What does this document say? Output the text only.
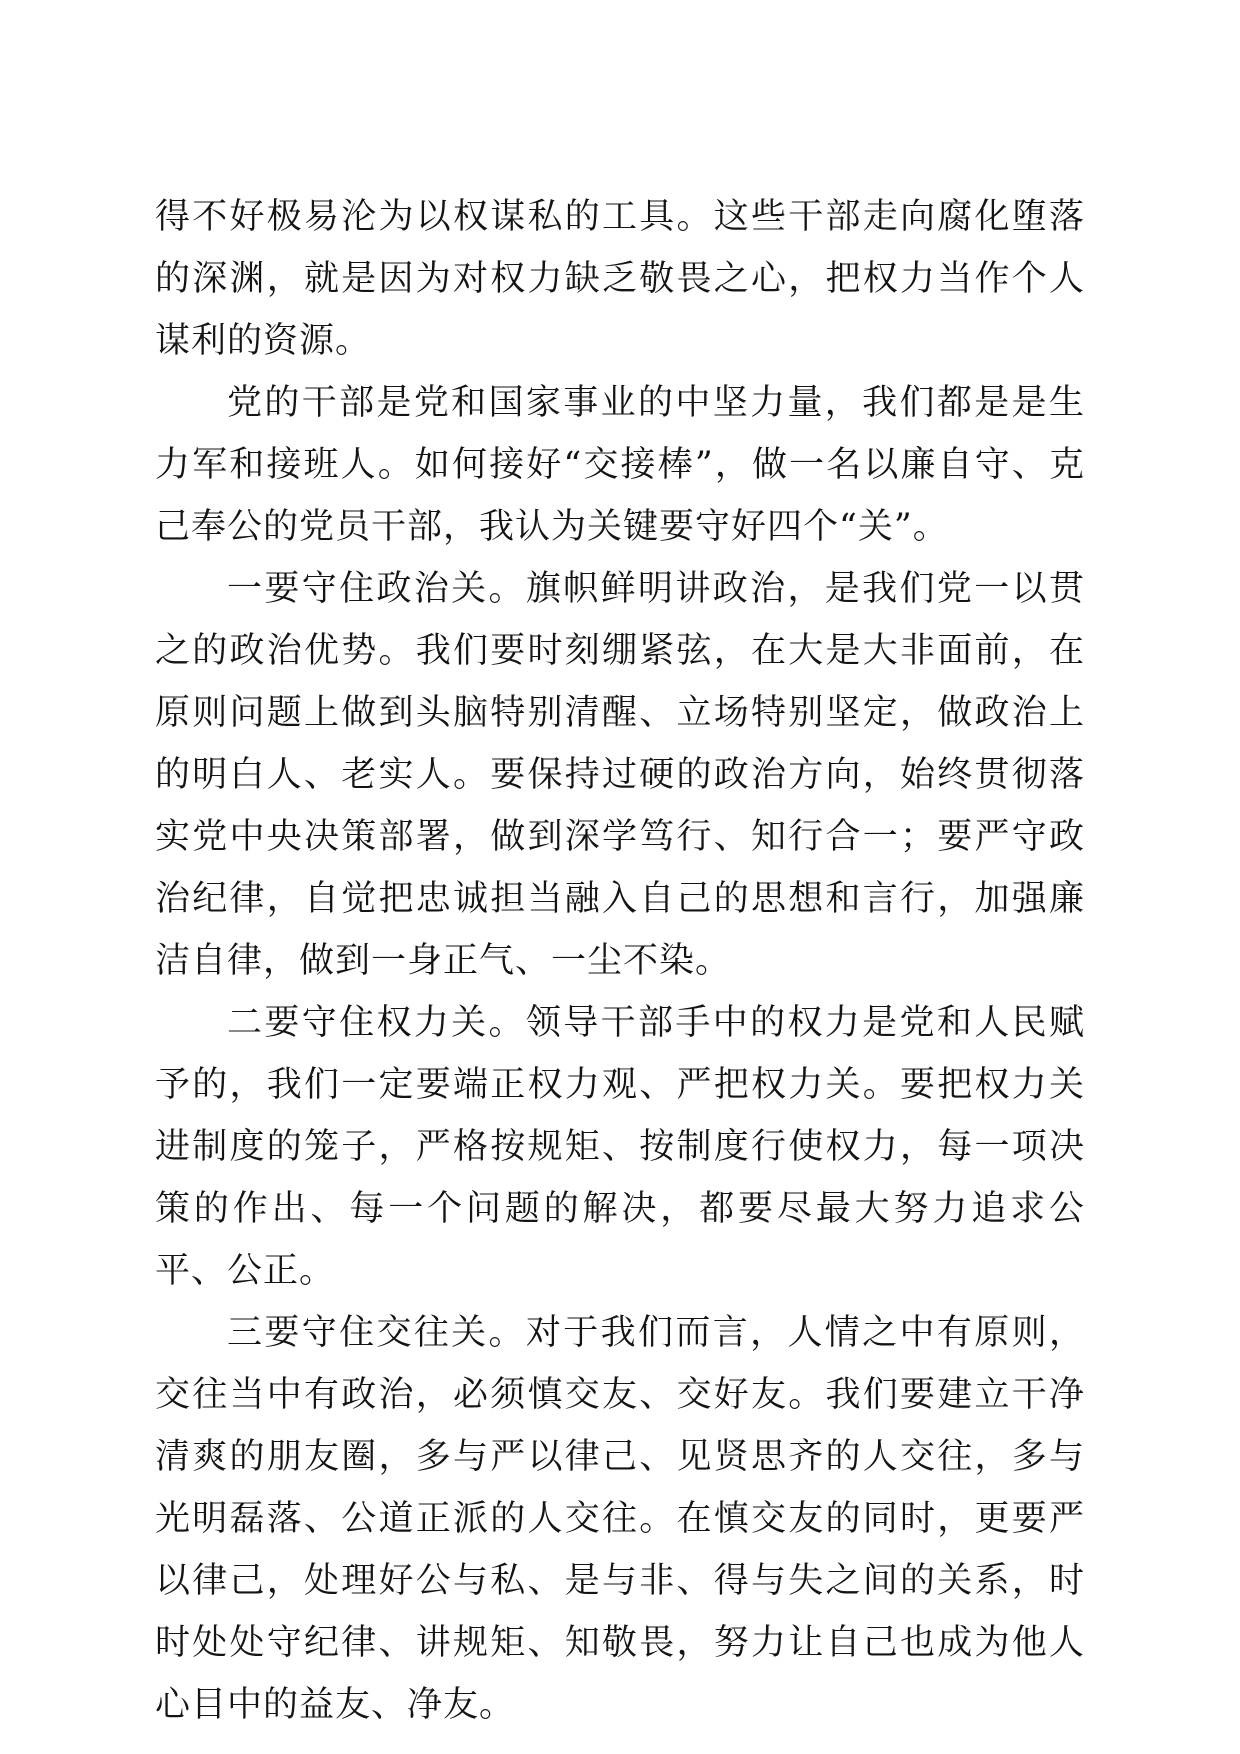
得不好极易沦为以权谋私的工具。这些干部走向腐化堕落的深渊，就是因为对权力缺乏敬畏之心，把权力当作个人谋利的资源。

党的干部是党和国家事业的中坚力量，我们都是是生力军和接班人。如何接好“交接棒”，做一名以廉自守、克己奉公的党员干部，我认为关键要守好四个“关”。

一要守住政治关。旗帜鲜明讲政治，是我们党一以贯之的政治优势。我们要时刻绷紧弦，在大是大非面前，在原则问题上做到头脑特别清醒、立场特别坚定，做政治上的明白人、老实人。要保持过硬的政治方向，始终贯彻落实党中央决策部署，做到深学笃行、知行合一；要严守政治纪律，自觉把忠诚担当融入自己的思想和言行，加强廉洁自律，做到一身正气、一尘不染。

二要守住权力关。领导干部手中的权力是党和人民赋予的，我们一定要端正权力观、严把权力关。要把权力关进制度的笼子，严格按规矩、按制度行使权力，每一项决策的作出、每一个问题的解决，都要尽最大努力追求公平、公正。

三要守住交往关。对于我们而言，人情之中有原则，交往当中有政治，必须慎交友、交好友。我们要建立干净清爽的朋友圈，多与严以律己、见贤思齐的人交往，多与光明磊落、公道正派的人交往。在慎交友的同时，更要严以律己，处理好公与私、是与非、得与失之间的关系，时时处处守纪律、讲规矩、知敬畏，努力让自己也成为他人心目中的益友、净友。
